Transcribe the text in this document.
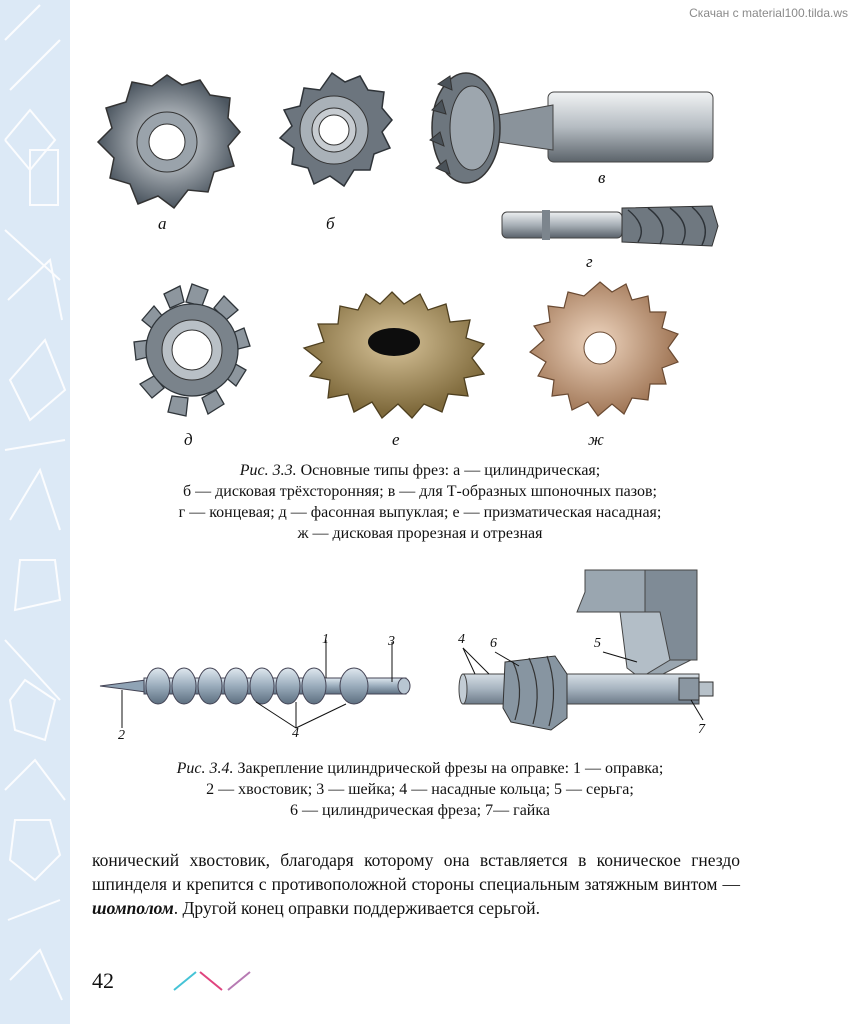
Скачан с material100.tilda.ws
а	б
в
г
д	е	ж
Рис. 3.3. Основные типы фрез: а — цилиндрическая;
б — дисковая трёхсторонняя; в — для Т-образных шпоночных пазов;
г — концевая; д — фасонная выпуклая; е — призматическая насадная;
ж — дисковая прорезная и отрезная
1	3
2	4
4 6	5
7
Рис. 3.4. Закрепление цилиндрической фрезы на оправке: 1 — оправка;
2 — хвостовик; 3 — шейка; 4 — насадные кольца; 5 — серьга;
6 — цилиндрическая фреза; 7— гайка
конический хвостовик, благодаря которому она вставляется в коническое гнездо шпинделя и крепится с противоположной стороны специальным затяжным винтом — шомполом. Другой конец оправки поддерживается серьгой.
42
